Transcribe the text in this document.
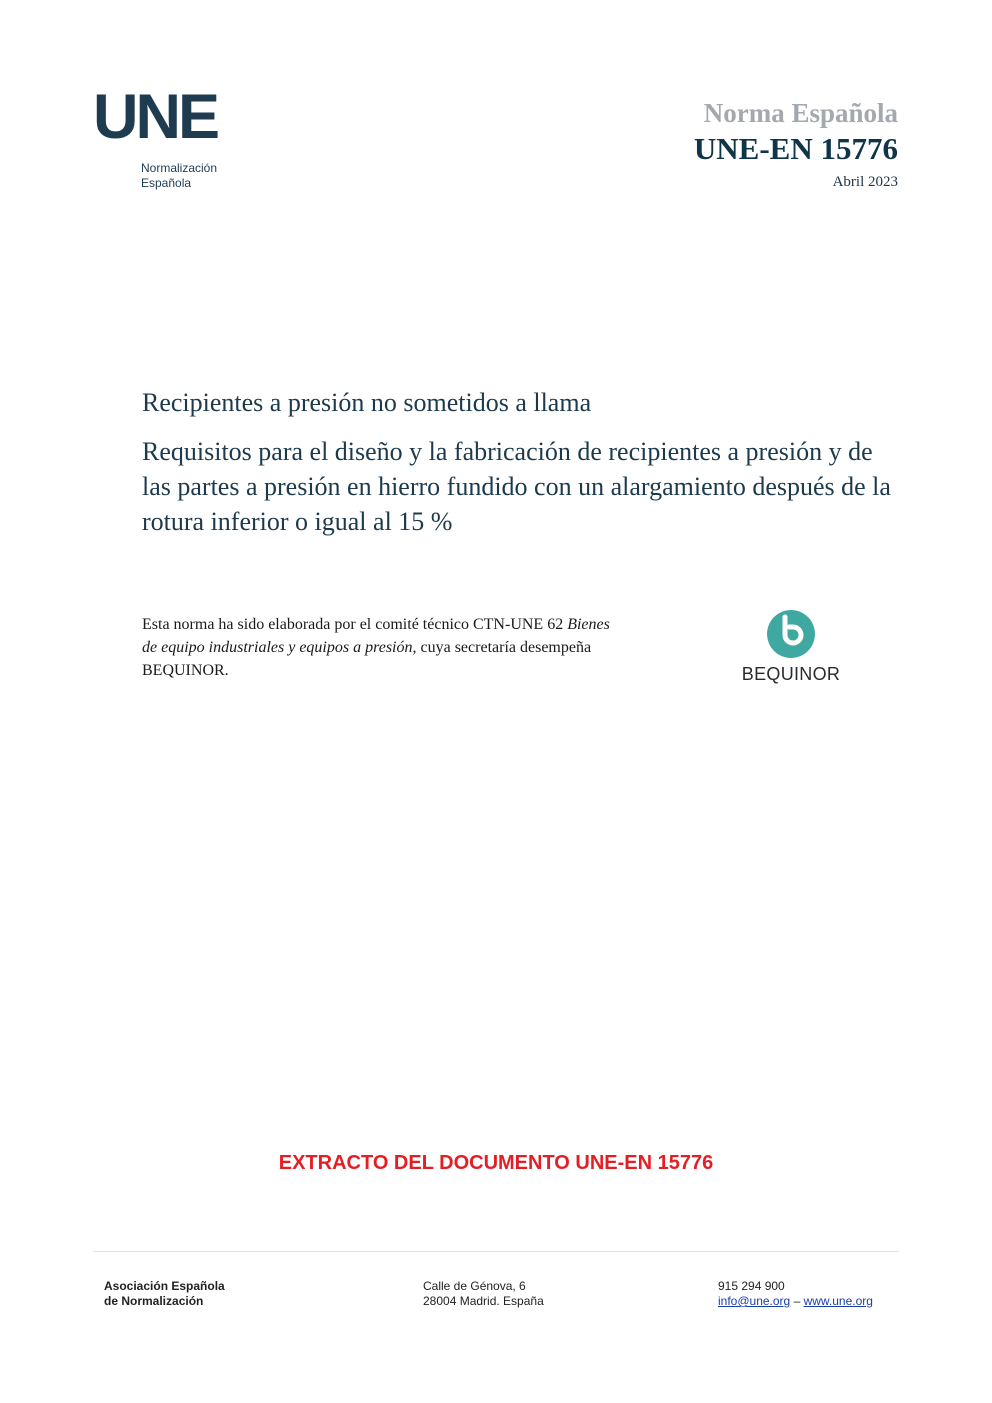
UNE
Normalización
Española
Norma Española
UNE-EN 15776
Abril 2023
Recipientes a presión no sometidos a llama
Requisitos para el diseño y la fabricación de recipientes a presión y de las partes a presión en hierro fundido con un alargamiento después de la rotura inferior o igual al 15 %
Esta norma ha sido elaborada por el comité técnico CTN-UNE 62 Bienes de equipo industriales y equipos a presión, cuya secretaría desempeña BEQUINOR.	BEQUINOR
EXTRACTO DEL DOCUMENTO UNE-EN 15776
Asociación Española
de Normalización
Calle de Génova, 6
28004 Madrid. España
915 294 900
info@une.org – www.une.org
